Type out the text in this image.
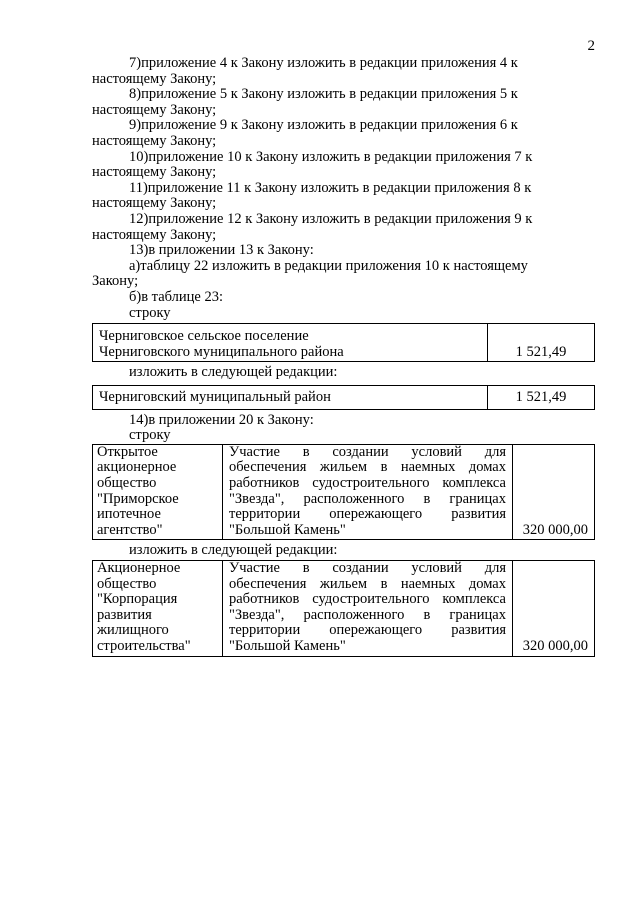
2

7)приложение 4 к Закону изложить в редакции приложения 4 к
настоящему Закону;

8)приложение 5 к Закону изложить в редакции приложения 5 к
настоящему Закону;

9)приложение 9 к Закону изложить в редакции приложения 6 к
настоящему Закону;

10)приложение 10 к Закону изложить в редакции приложения 7 к
настоящему Закону;

11)приложение 11 к Закону изложить в редакции приложения 8 к
настоящему Закону;

12)приложение 12 к Закону изложить в редакции приложения 9 к
настоящему Закону;

13)в приложении 13 к Закону:

а)таблицу 22 изложить в редакции приложения 10 к настоящему
Закону;

б)в таблице 23:

строку

Черниговское сельское поселение
Черниговского муниципального района	1 521,49

изложить в следующей редакции:

Черниговский муниципальный район	1 521,49

14)в приложении 20 к Закону:

строку

Открытое
акционерное
общество
"Приморское
ипотечное
агентство"	Участие в создании условий для обеспечения жильем в наемных домах работников судостроительного комплекса "Звезда", расположенного в границах территории опережающего развития "Большой Камень"	320 000,00

изложить в следующей редакции:

Акционерное
общество
"Корпорация
развития
жилищного
строительства"	Участие в создании условий для обеспечения жильем в наемных домах работников судостроительного комплекса "Звезда", расположенного в границах территории опережающего развития "Большой Камень"	320 000,00
